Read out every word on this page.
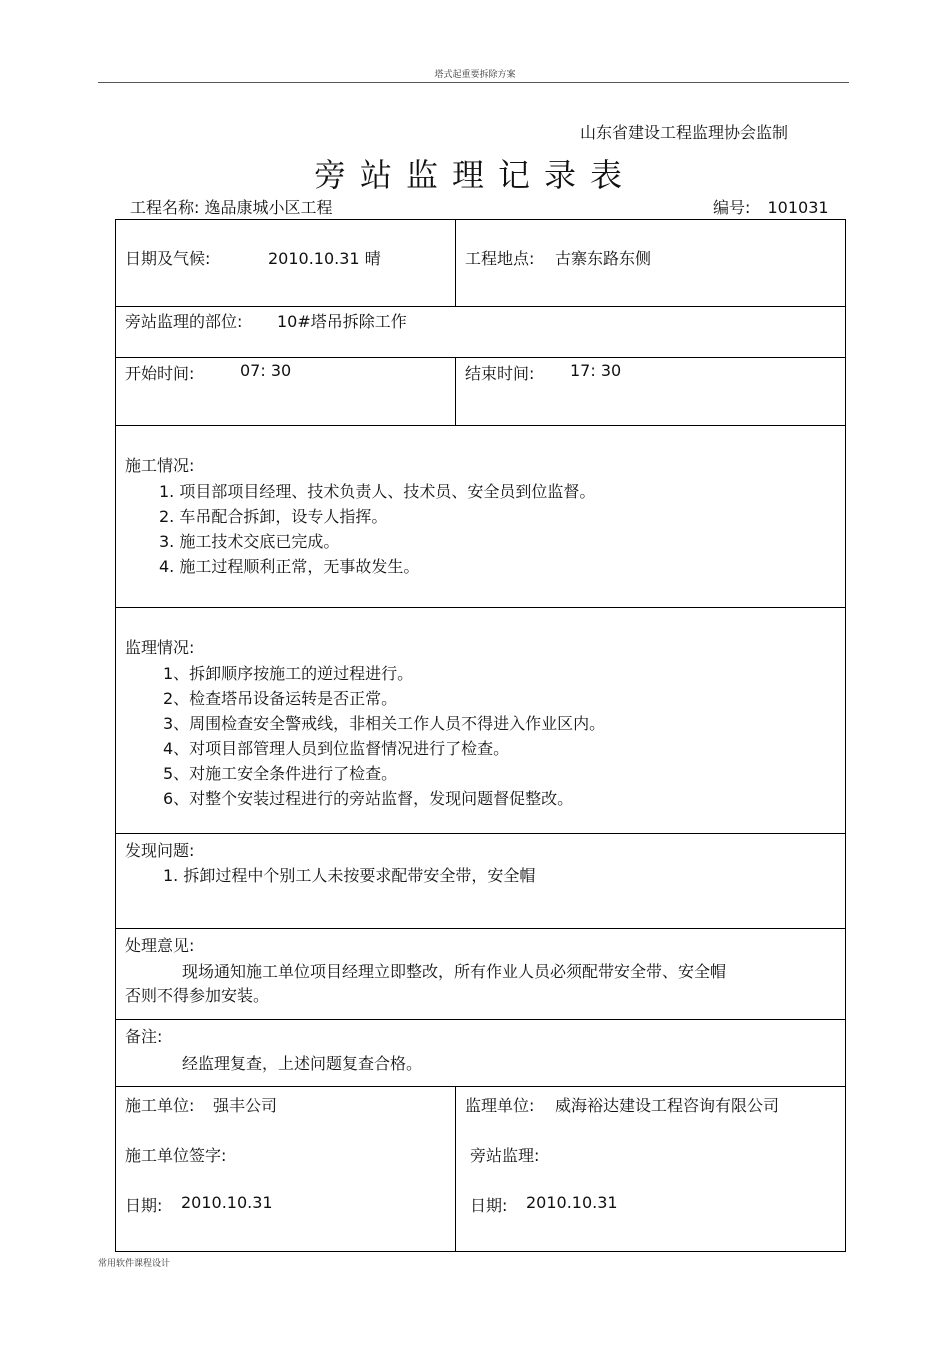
塔式起重要拆除方案
山东省建设工程监理协会监制
旁站监理记录表
工程名称: 逸品康城小区工程	编号: 101031
日期及气候:	2010.10.31 晴	工程地点: 古寨东路东侧
旁站监理的部位: 10#塔吊拆除工作
开始时间:	07: 30	结束时间: 17: 30
施工情况:
1. 项目部项目经理、技术负责人、技术员、安全员到位监督。
2. 车吊配合拆卸，设专人指挥。
3. 施工技术交底已完成。
4. 施工过程顺利正常，无事故发生。
监理情况:
1、拆卸顺序按施工的逆过程进行。
2、检查塔吊设备运转是否正常。
3、周围检查安全警戒线，非相关工作人员不得进入作业区内。
4、对项目部管理人员到位监督情况进行了检查。
5、对施工安全条件进行了检查。
6、对整个安装过程进行的旁站监督，发现问题督促整改。
发现问题:
1. 拆卸过程中个别工人未按要求配带安全带，安全帽
处理意见:
现场通知施工单位项目经理立即整改，所有作业人员必须配带安全带、安全帽
否则不得参加安装。
备注:
经监理复查，上述问题复查合格。
施工单位: 强丰公司
施工单位签字:
日期: 2010.10.31
监理单位: 威海裕达建设工程咨询有限公司
旁站监理:
日期: 2010.10.31
常用软件课程设计
